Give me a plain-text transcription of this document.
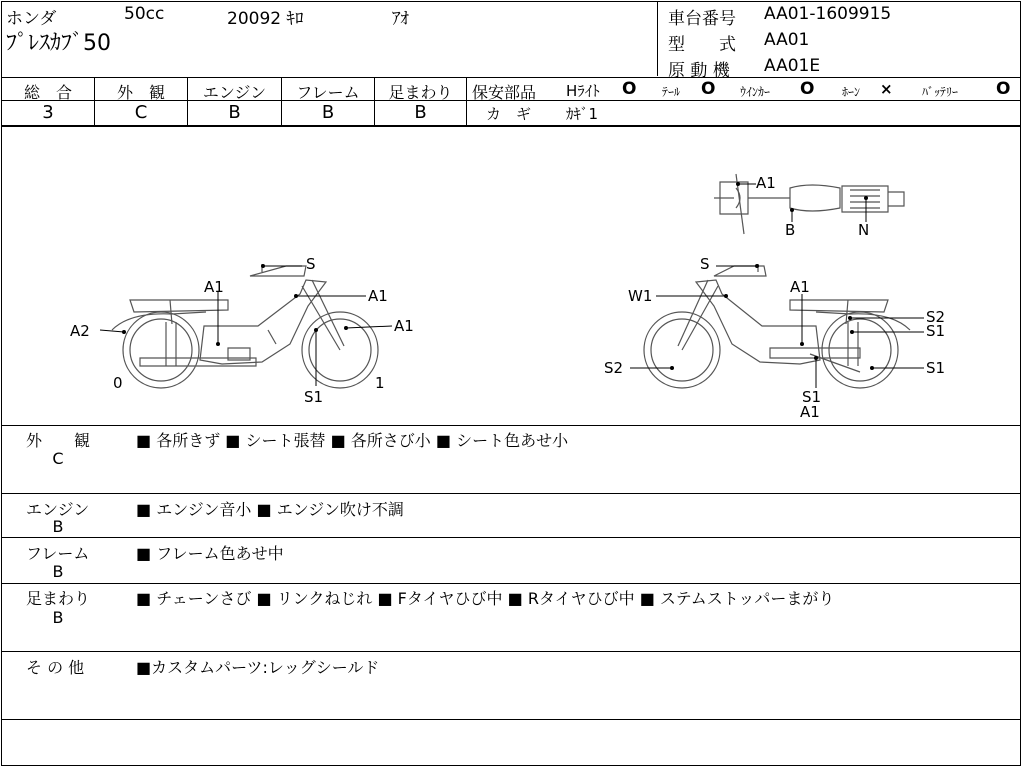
ホンダ	50cc	20092 ｷﾛ	ｱｵ
ﾌﾟﾚｽｶﾌﾞ50
車台番号 AA01-1609915
型　　式 AA01
原 動 機 AA01E
総　合	外　観	エンジン	フレーム	足まわり
3	C	B	B	B
保安部品 Hﾗｲﾄ O ﾃｰﾙ O ｳｲﾝｶｰ O ﾎｰﾝ × ﾊﾞｯﾃﾘｰ O
カ　ギ ｶｷﾞ1
S
A1	A1
A2	A1
S1
0	1
S
W1	A1
S2
S1
S2	S1
S1
A1
A1
B	N
外　　観
C
■ 各所きず ■ シート張替 ■ 各所さび小 ■ シート色あせ小
エンジン
B
■ エンジン音小 ■ エンジン吹け不調
フレーム
B
■ フレーム色あせ中
足まわり
B
■ チェーンさび ■ リンクねじれ ■ Fタイヤひび中 ■ Rタイヤひび中 ■ ステムストッパーまがり
そ の 他	■カスタムパーツ:レッグシールド
